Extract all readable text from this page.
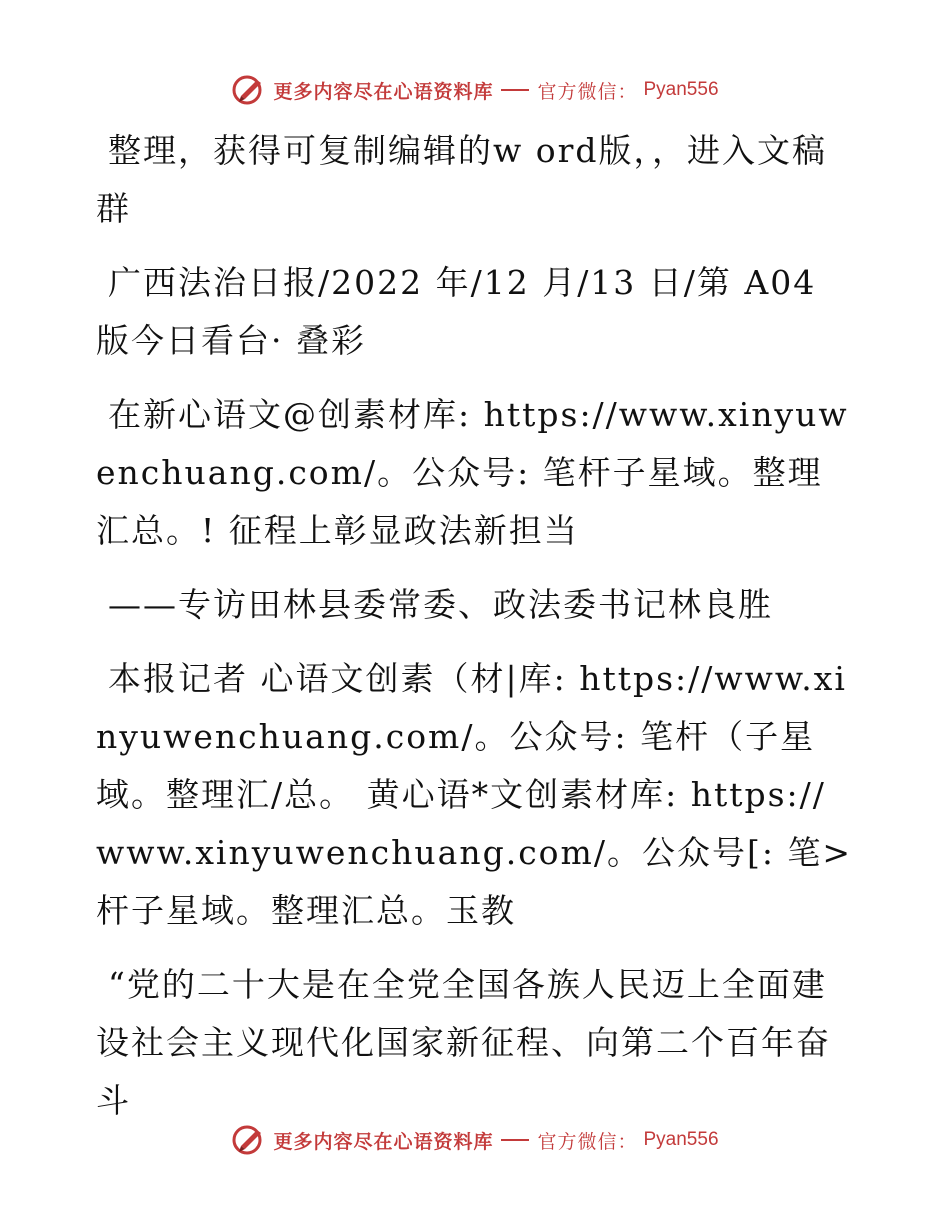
更多内容尽在心语资料库 官方微信： Pyan556

整理，获得可复制编辑的w ord版，，进入文稿群

广西法治日报/2022 年/12 月/13 日/第 A04 版今日看台· 叠彩

在新心语文@创素材库: https://www.xinyuwenchuang.com/。公众号: 笔杆子星域。整理汇总。! 征程上彰显政法新担当

——专访田林县委常委、政法委书记林良胜

本报记者 心语文创素（材|库: https://www.xinyuwenchuang.com/。公众号: 笔杆（子星域。整理汇/总。 黄心语*文创素材库: https://www.xinyuwenchuang.com/。公众号[: 笔>杆子星域。整理汇总。玉教

“党的二十大是在全党全国各族人民迈上全面建设社会主义现代化国家新征程、向第二个百年奋斗

更多内容尽在心语资料库 官方微信： Pyan556
